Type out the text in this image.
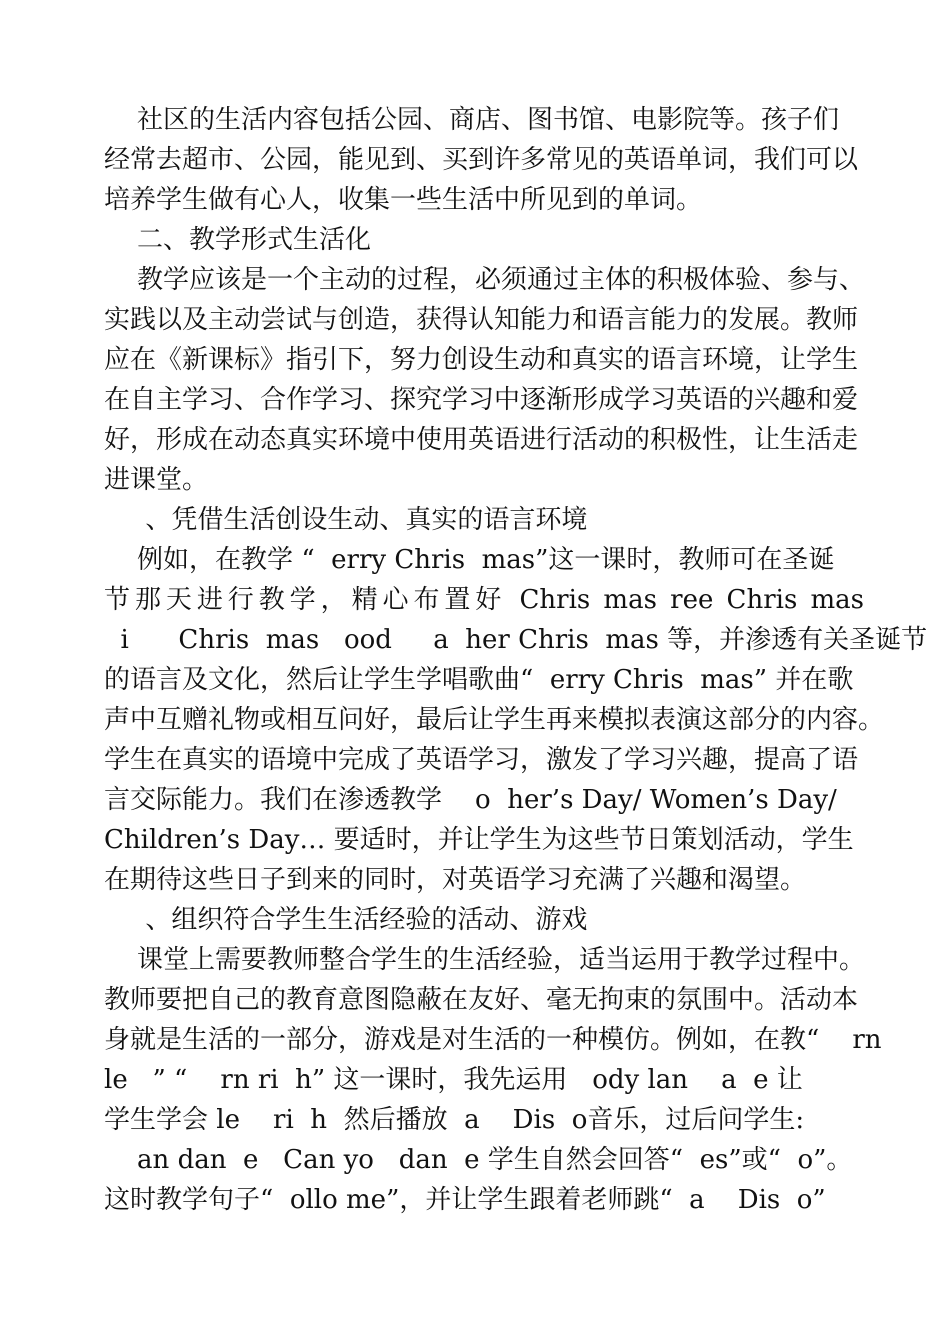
社区的生活内容包括公园、商店、图书馆、电影院等。孩子们
经常去超市、公园，能见到、买到许多常见的英语单词，我们可以
培养学生做有心人，收集一些生活中所见到的单词。
二、教学形式生活化
教学应该是一个主动的过程，必须通过主体的积极体验、参与、
实践以及主动尝试与创造，获得认知能力和语言能力的发展。教师
应在《新课标》指引下，努力创设生动和真实的语言环境，让学生
在自主学习、合作学习、探究学习中逐渐形成学习英语的兴趣和爱
好，形成在动态真实环境中使用英语进行活动的积极性，让生活走
进课堂。
、凭借生活创设生动、真实的语言环境
例如，在教学 “  erry Chris  mas”这一课时，教师可在圣诞
节那天进行教学，精心布置好 Chris mas ree Chris mas
i      Chris  mas   ood     a  her Chris  mas 等，并渗透有关圣诞节
的语言及文化，然后让学生学唱歌曲“  erry Chris  mas” 并在歌
声中互赠礼物或相互问好，最后让学生再来模拟表演这部分的内容。
学生在真实的语境中完成了英语学习，激发了学习兴趣，提高了语
言交际能力。我们在渗透教学    o  her’s Day/ Women’s Day/
Children’s Day… 要适时，并让学生为这些节日策划活动，学生
在期待这些日子到来的同时，对英语学习充满了兴趣和渴望。
、组织符合学生生活经验的活动、游戏
课堂上需要教师整合学生的生活经验，适当运用于教学过程中。
教师要把自己的教育意图隐蔽在友好、毫无拘束的氛围中。活动本
身就是生活的一部分，游戏是对生活的一种模仿。例如，在教“    rn
le   ” “    rn ri  h” 这一课时，我先运用   ody lan    a  e 让
学生学会 le    ri  h  然后播放  a    Dis  o音乐，过后问学生:
an dan  e   Can yo   dan  e 学生自然会回答“  es”或“  o”。
这时教学句子“  ollo me”，并让学生跟着老师跳“  a    Dis  o”
